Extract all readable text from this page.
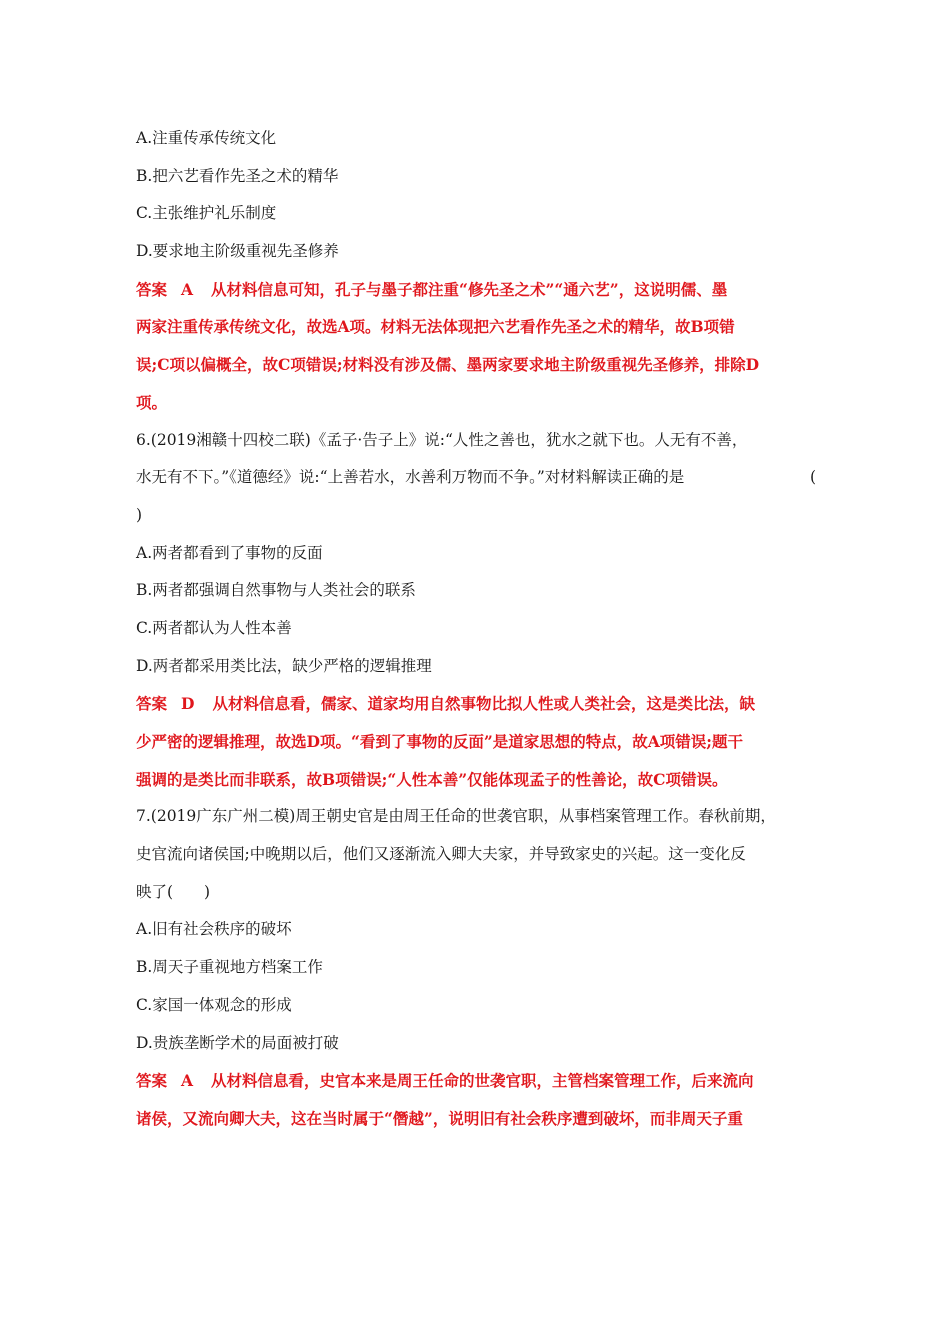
A.注重传承传统文化
B.把六艺看作先圣之术的精华
C.主张维护礼乐制度
D.要求地主阶级重视先圣修养
答案 A 从材料信息可知，孔子与墨子都注重“修先圣之术”“通六艺”，这说明儒、墨
两家注重传承传统文化，故选A项。材料无法体现把六艺看作先圣之术的精华，故B项错
误;C项以偏概全，故C项错误;材料没有涉及儒、墨两家要求地主阶级重视先圣修养，排除D
项。
6.(2019湘赣十四校二联)《孟子·告子上》说:“人性之善也，犹水之就下也。人无有不善，
水无有不下。”《道德经》说:“上善若水，水善利万物而不争。”对材料解读正确的是	(
)
A.两者都看到了事物的反面
B.两者都强调自然事物与人类社会的联系
C.两者都认为人性本善
D.两者都采用类比法，缺少严格的逻辑推理
答案 D 从材料信息看，儒家、道家均用自然事物比拟人性或人类社会，这是类比法，缺
少严密的逻辑推理，故选D项。“看到了事物的反面”是道家思想的特点，故A项错误;题干
强调的是类比而非联系，故B项错误;“人性本善”仅能体现孟子的性善论，故C项错误。
7.(2019广东广州二模)周王朝史官是由周王任命的世袭官职，从事档案管理工作。春秋前期，
史官流向诸侯国;中晚期以后，他们又逐渐流入卿大夫家，并导致家史的兴起。这一变化反
映了(　　)
A.旧有社会秩序的破坏
B.周天子重视地方档案工作
C.家国一体观念的形成
D.贵族垄断学术的局面被打破
答案 A 从材料信息看，史官本来是周王任命的世袭官职，主管档案管理工作，后来流向
诸侯，又流向卿大夫，这在当时属于“僭越”，说明旧有社会秩序遭到破坏，而非周天子重
